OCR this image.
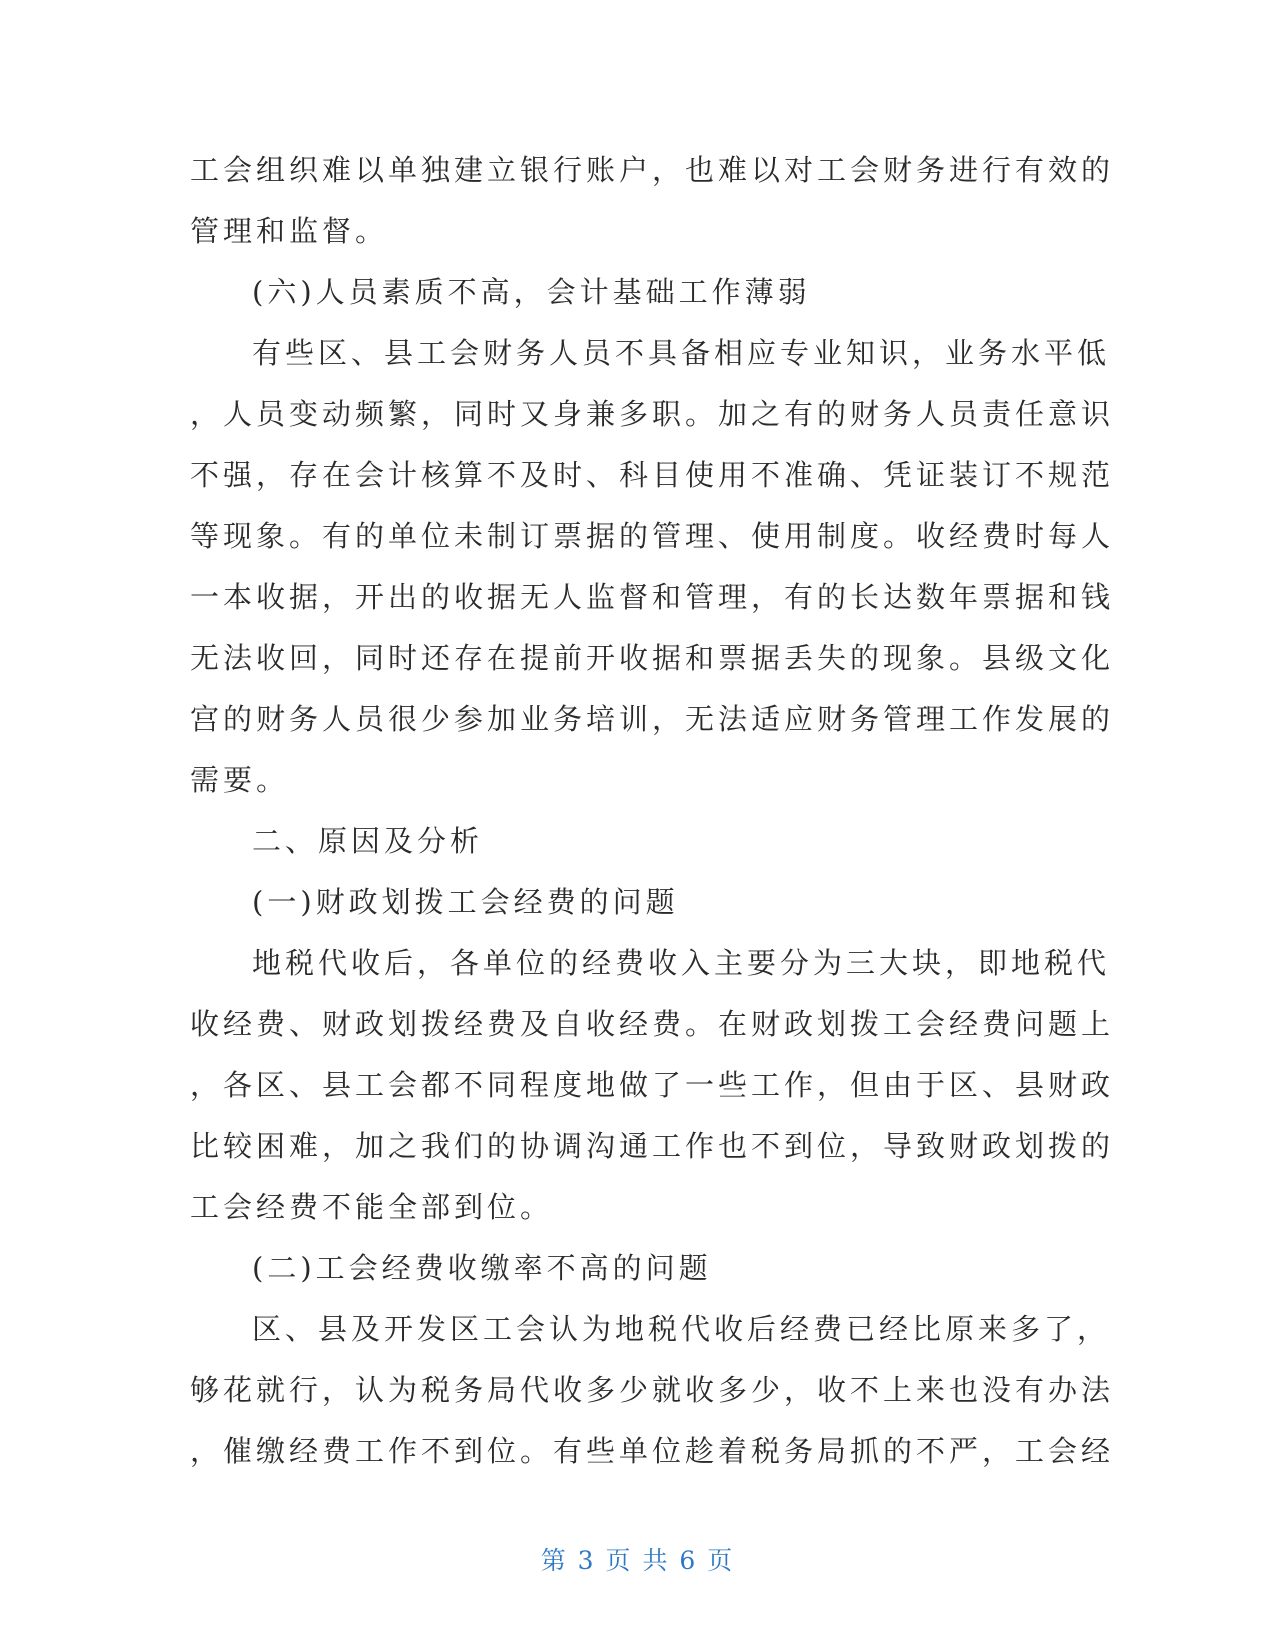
工会组织难以单独建立银行账户，也难以对工会财务进行有效的
管理和监督。
(六)人员素质不高，会计基础工作薄弱
有些区、县工会财务人员不具备相应专业知识，业务水平低
，人员变动频繁，同时又身兼多职。加之有的财务人员责任意识
不强，存在会计核算不及时、科目使用不准确、凭证装订不规范
等现象。有的单位未制订票据的管理、使用制度。收经费时每人
一本收据，开出的收据无人监督和管理，有的长达数年票据和钱
无法收回，同时还存在提前开收据和票据丢失的现象。县级文化
宫的财务人员很少参加业务培训，无法适应财务管理工作发展的
需要。
二、原因及分析
(一)财政划拨工会经费的问题
地税代收后，各单位的经费收入主要分为三大块，即地税代
收经费、财政划拨经费及自收经费。在财政划拨工会经费问题上
，各区、县工会都不同程度地做了一些工作，但由于区、县财政
比较困难，加之我们的协调沟通工作也不到位，导致财政划拨的
工会经费不能全部到位。
(二)工会经费收缴率不高的问题
区、县及开发区工会认为地税代收后经费已经比原来多了，
够花就行，认为税务局代收多少就收多少，收不上来也没有办法
，催缴经费工作不到位。有些单位趁着税务局抓的不严，工会经
第 3 页 共 6 页
